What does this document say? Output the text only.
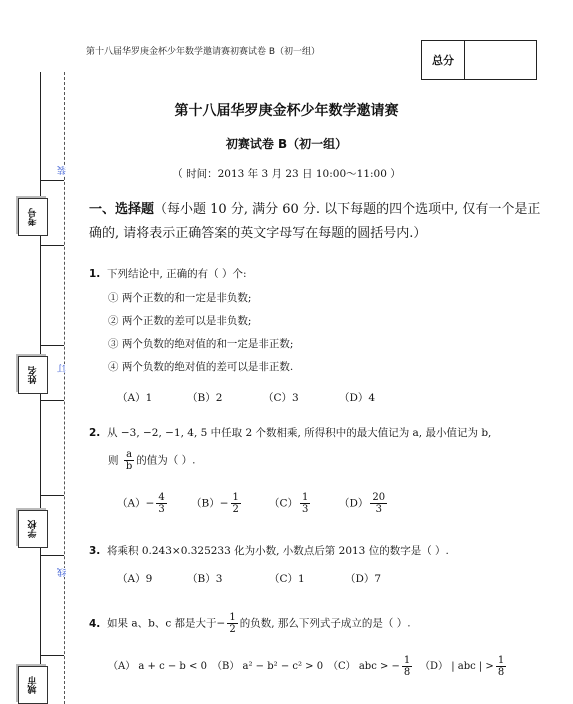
考号
姓名
学校
城市
装
订
线
第十八届华罗庚金杯少年数学邀请赛初赛试卷 B（初一组）
总分
第十八届华罗庚金杯少年数学邀请赛
初赛试卷 B（初一组）
（ 时间：2013 年 3 月 23 日 10:00～11:00 ）
一、选择题（每小题 10 分, 满分 60 分. 以下每题的四个选项中, 仅有一个是正确的, 请将表示正确答案的英文字母写在每题的圆括号内.）
1. 下列结论中, 正确的有（ ）个:
① 两个正数的和一定是非负数;
② 两个正数的差可以是非负数;
③ 两个负数的绝对值的和一定是非正数;
④ 两个负数的绝对值的差可以是非正数.
（A）1	（B）2	（C）3	（D）4
2. 从 −3, −2, −1, 4, 5 中任取 2 个数相乘, 所得积中的最大值记为 a, 最小值记为 b,
则 $\frac{a}{b}$ 的值为（ ）.
$(A)- \frac{4}{3} (B)- \frac{1}{2}$	$(C) \frac{1}{3}$	$(D) \frac{20}{3}$
3. 将乘积 0.243×0.325233 化为小数, 小数点后第 2013 位的数字是（ ）.
（A）9	（B）3	（C）1	（D）7
4. 如果 a、b、c 都是大于− $\frac{1}{2}$ 的负数, 那么下列式子成立的是（ ）.
（A） a + c − b < 0 （B） a² − b² − c² > 0 （C） abc > − $\frac{1}{8} (D)$ | abc | > $\frac{1}{8}$
